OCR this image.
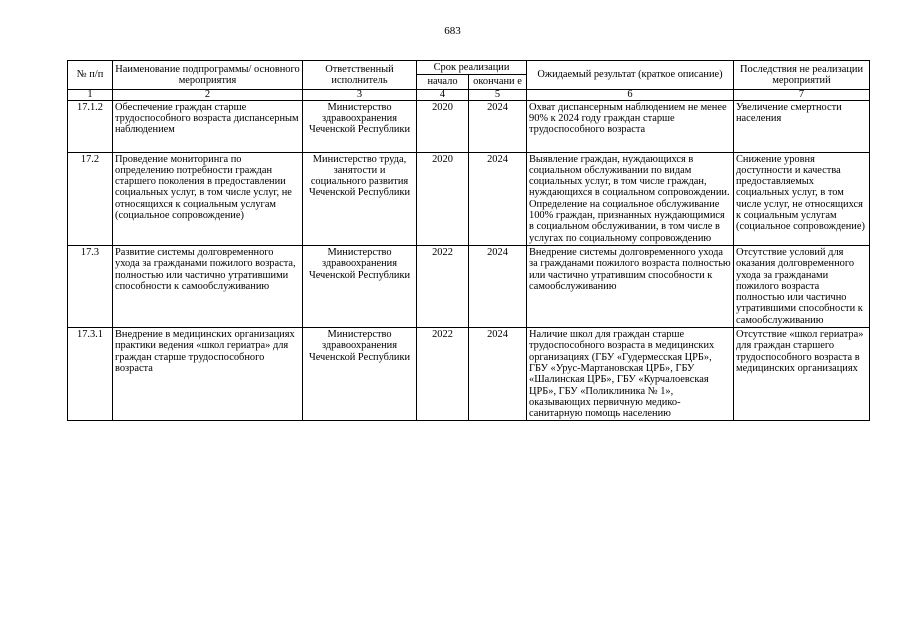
683
№ п/п	Наименование подпрограммы/ основного мероприятия	Ответственный исполнитель	Срок реализации		Ожидаемый результат (краткое описание)	Последствия не реализации мероприятий
			начало	окончани е		
1	2	3	4	5	6	7
17.1.2	Обеспечение граждан старше трудоспособного возраста диспансерным наблюдением	Министерство здравоохранения Чеченской Республики	2020	2024	Охват диспансерным наблюдением не менее 90% к 2024 году граждан старше трудоспособного возраста	Увеличение смертности населения
17.2	Проведение мониторинга по определению потребности граждан старшего поколения в предоставлении социальных услуг, в том числе услуг, не относящихся к социальным услугам (социальное сопровождение)	Министерство труда, занятости и социального развития Чеченской Республики	2020	2024	Выявление граждан, нуждающихся в социальном обслуживании по видам социальных услуг, в том числе граждан, нуждающихся в социальном сопровождении. Определение на социальное обслуживание 100% граждан, признанных нуждающимися в социальном обслуживании, в том числе в услугах по социальному сопровождению	Снижение уровня доступности и качества предоставляемых социальных услуг, в том числе услуг, не относящихся к социальным услугам (социальное сопровождение)
17.3	Развитие системы долговременного ухода за гражданами пожилого возраста, полностью или частично утратившими способности к самообслуживанию	Министерство здравоохранения Чеченской Республики	2022	2024	Внедрение системы долговременного ухода за гражданами пожилого возраста полностью или частично утратившим способности к самообслуживанию	Отсутствие условий для оказания долговременного ухода за гражданами пожилого возраста полностью или частично утратившими способности к самообслуживанию
17.3.1	Внедрение в медицинских организациях практики ведения «школ гериатра» для граждан старше трудоспособного возраста	Министерство здравоохранения Чеченской Республики	2022	2024	Наличие школ для граждан старше трудоспособного возраста в медицинских организациях (ГБУ «Гудермесская ЦРБ», ГБУ «Урус-Мартановская ЦРБ», ГБУ «Шалинская ЦРБ», ГБУ «Курчалоевская ЦРБ», ГБУ «Поликлиника № 1», оказывающих первичную медико-санитарную помощь населению	Отсутствие «школ гериатра» для граждан старшего трудоспособного возраста в медицинских организациях
